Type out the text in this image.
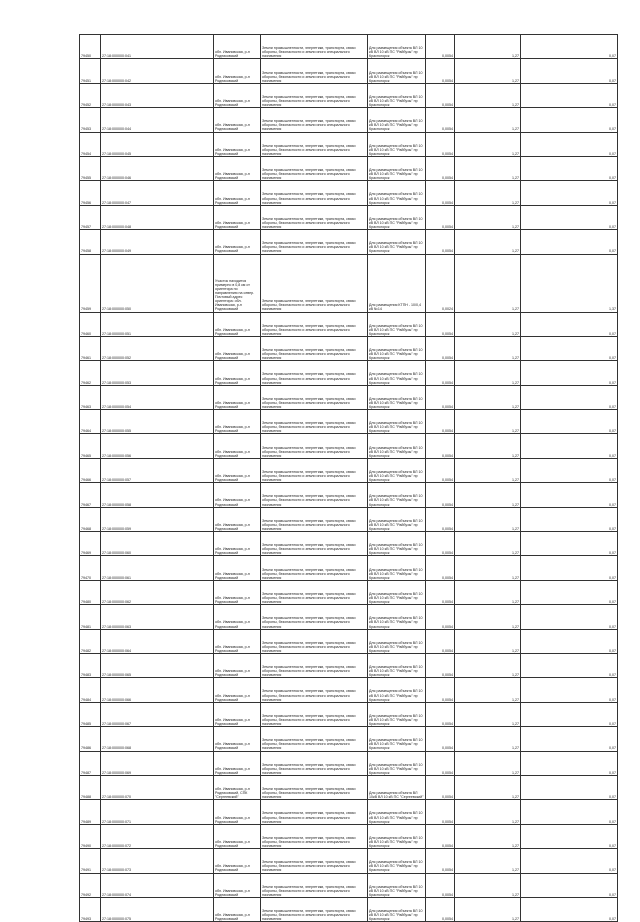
79450	27:18:000000:041	обл. Ивановская, р-н Родниковский	Земли промышленности, энергетики, транспорта, связи обороны, безопасности и земли иного специального назначения	Для размещения объекта ВЛ 10 кВ ВЛ 10 кВ ПС "Райбузы" пр Красногорск	0,0054	1,27	0,07
79451	27:18:000000:042	обл. Ивановская, р-н Родниковский	Земли промышленности, энергетики, транспорта, связи обороны, безопасности и земли иного специального назначения	Для размещения объекта ВЛ 10 кВ ВЛ 10 кВ ПС "Райбузы" пр Красногорск	0,0054	1,27	0,07
79452	27:18:000000:043	обл. Ивановская, р-н Родниковский	Земли промышленности, энергетики, транспорта, связи обороны, безопасности и земли иного специального назначения	Для размещения объекта ВЛ 10 кВ ВЛ 10 кВ ПС "Райбузы" пр Красногорск	0,0054	1,27	0,07
79453	27:18:000000:044	обл. Ивановская, р-н Родниковский	Земли промышленности, энергетики, транспорта, связи обороны, безопасности и земли иного специального назначения	Для размещения объекта ВЛ 10 кВ ВЛ 10 кВ ПС "Райбузы" пр Красногорск	0,0054	1,27	0,07
79454	27:18:000000:045	обл. Ивановская, р-н Родниковский	Земли промышленности, энергетики, транспорта, связи обороны, безопасности и земли иного специального назначения	Для размещения объекта ВЛ 10 кВ ВЛ 10 кВ ПС "Райбузы" пр Красногорск	0,0054	1,27	0,07
79455	27:18:000000:046	обл. Ивановская, р-н Родниковский	Земли промышленности, энергетики, транспорта, связи обороны, безопасности и земли иного специального назначения	Для размещения объекта ВЛ 10 кВ ВЛ 10 кВ ПС "Райбузы" пр Красногорск	0,0054	1,27	0,07
79456	27:18:000000:047	обл. Ивановская, р-н Родниковский	Земли промышленности, энергетики, транспорта, связи обороны, безопасности и земли иного специального назначения	Для размещения объекта ВЛ 10 кВ ВЛ 10 кВ ПС "Райбузы" пр Красногорск	0,0054	1,27	0,07
79457	27:18:000000:048	обл. Ивановская, р-н Родниковский	Земли промышленности, энергетики, транспорта, связи обороны, безопасности и земли иного специального назначения	Для размещения объекта ВЛ 10 кВ ВЛ 10 кВ ПС "Райбузы" пр Красногорск	0,0054	1,27	0,07
79458	27:18:000000:049	обл. Ивановская, р-н Родниковский	Земли промышленности, энергетики, транспорта, связи обороны, безопасности и земли иного специального назначения	Для размещения объекта ВЛ 10 кВ ВЛ 10 кВ ПС "Райбузы" пр Красногорск	0,0054	1,27	0,07
79459	27:18:000000:050	Участок находится примерно в 0,8 км от ориентира по направлению на север. Почтовый адрес ориентира: обл. Ивановская, р-н Родниковский	Земли промышленности, энергетики, транспорта, связи обороны, безопасности и земли иного специального назначения	Для размещения КТПН - 10/0,4 кВ №14	0,0024	1,27	1,37
79460	27:18:000000:051	обл. Ивановская, р-н Родниковский	Земли промышленности, энергетики, транспорта, связи обороны, безопасности и земли иного специального назначения	Для размещения объекта ВЛ 10 кВ ВЛ 10 кВ ПС "Райбузы" пр Красногорск	0,0054	1,27	0,07
79461	27:18:000000:052	обл. Ивановская, р-н Родниковский	Земли промышленности, энергетики, транспорта, связи обороны, безопасности и земли иного специального назначения	Для размещения объекта ВЛ 10 кВ ВЛ 10 кВ ПС "Райбузы" пр Красногорск	0,0054	1,27	0,07
79462	27:18:000000:053	обл. Ивановская, р-н Родниковский	Земли промышленности, энергетики, транспорта, связи обороны, безопасности и земли иного специального назначения	Для размещения объекта ВЛ 10 кВ ВЛ 10 кВ ПС "Райбузы" пр Красногорск	0,0054	1,27	0,07
79463	27:18:000000:054	обл. Ивановская, р-н Родниковский	Земли промышленности, энергетики, транспорта, связи обороны, безопасности и земли иного специального назначения	Для размещения объекта ВЛ 10 кВ ВЛ 10 кВ ПС "Райбузы" пр Красногорск	0,0054	1,27	0,07
79464	27:18:000000:055	обл. Ивановская, р-н Родниковский	Земли промышленности, энергетики, транспорта, связи обороны, безопасности и земли иного специального назначения	Для размещения объекта ВЛ 10 кВ ВЛ 10 кВ ПС "Райбузы" пр Красногорск	0,0054	1,27	0,07
79465	27:18:000000:056	обл. Ивановская, р-н Родниковский	Земли промышленности, энергетики, транспорта, связи обороны, безопасности и земли иного специального назначения	Для размещения объекта ВЛ 10 кВ ВЛ 10 кВ ПС "Райбузы" пр Красногорск	0,0054	1,27	0,07
79466	27:18:000000:057	обл. Ивановская, р-н Родниковский	Земли промышленности, энергетики, транспорта, связи обороны, безопасности и земли иного специального назначения	Для размещения объекта ВЛ 10 кВ ВЛ 10 кВ ПС "Райбузы" пр Красногорск	0,0054	1,27	0,07
79467	27:18:000000:058	обл. Ивановская, р-н Родниковский	Земли промышленности, энергетики, транспорта, связи обороны, безопасности и земли иного специального назначения	Для размещения объекта ВЛ 10 кВ ВЛ 10 кВ ПС "Райбузы" пр Красногорск	0,0054	1,27	0,07
79468	27:18:000000:059	обл. Ивановская, р-н Родниковский	Земли промышленности, энергетики, транспорта, связи обороны, безопасности и земли иного специального назначения	Для размещения объекта ВЛ 10 кВ ВЛ 10 кВ ПС "Райбузы" пр Красногорск	0,0054	1,27	0,07
79469	27:18:000000:060	обл. Ивановская, р-н Родниковский	Земли промышленности, энергетики, транспорта, связи обороны, безопасности и земли иного специального назначения	Для размещения объекта ВЛ 10 кВ ВЛ 10 кВ ПС "Райбузы" пр Красногорск	0,0054	1,27	0,07
79470	27:18:000000:061	обл. Ивановская, р-н Родниковский	Земли промышленности, энергетики, транспорта, связи обороны, безопасности и земли иного специального назначения	Для размещения объекта ВЛ 10 кВ ВЛ 10 кВ ПС "Райбузы" пр Красногорск	0,0054	1,27	0,07
79480	27:18:000000:062	обл. Ивановская, р-н Родниковский	Земли промышленности, энергетики, транспорта, связи обороны, безопасности и земли иного специального назначения	Для размещения объекта ВЛ 10 кВ ВЛ 10 кВ ПС "Райбузы" пр Красногорск	0,0054	1,27	0,07
79481	27:18:000000:063	обл. Ивановская, р-н Родниковский	Земли промышленности, энергетики, транспорта, связи обороны, безопасности и земли иного специального назначения	Для размещения объекта ВЛ 10 кВ ВЛ 10 кВ ПС "Райбузы" пр Красногорск	0,0054	1,27	0,07
79482	27:18:000000:064	обл. Ивановская, р-н Родниковский	Земли промышленности, энергетики, транспорта, связи обороны, безопасности и земли иного специального назначения	Для размещения объекта ВЛ 10 кВ ВЛ 10 кВ ПС "Райбузы" пр Красногорск	0,0054	1,27	0,07
79483	27:18:000000:065	обл. Ивановская, р-н Родниковский	Земли промышленности, энергетики, транспорта, связи обороны, безопасности и земли иного специального назначения	Для размещения объекта ВЛ 10 кВ ВЛ 10 кВ ПС "Райбузы" пр Красногорск	0,0054	1,27	0,07
79484	27:18:000000:066	обл. Ивановская, р-н Родниковский	Земли промышленности, энергетики, транспорта, связи обороны, безопасности и земли иного специального назначения	Для размещения объекта ВЛ 10 кВ ВЛ 10 кВ ПС "Райбузы" пр Красногорск	0,0054	1,27	0,07
79485	27:18:000000:067	обл. Ивановская, р-н Родниковский	Земли промышленности, энергетики, транспорта, связи обороны, безопасности и земли иного специального назначения	Для размещения объекта ВЛ 10 кВ ВЛ 10 кВ ПС "Райбузы" пр Красногорск	0,0054	1,27	0,07
79486	27:18:000000:068	обл. Ивановская, р-н Родниковский	Земли промышленности, энергетики, транспорта, связи обороны, безопасности и земли иного специального назначения	Для размещения объекта ВЛ 10 кВ ВЛ 10 кВ ПС "Райбузы" пр Красногорск	0,0054	1,27	0,07
79487	27:18:000000:069	обл. Ивановская, р-н Родниковский	Земли промышленности, энергетики, транспорта, связи обороны, безопасности и земли иного специального назначения	Для размещения объекта ВЛ 10 кВ ВЛ 10 кВ ПС "Райбузы" пр Красногорск	0,0054	1,27	0,07
79488	27:18:000000:070	обл. Ивановская, р-н Родниковский, СПК "Сергеевский"	Земли промышленности, энергетики, транспорта, связи обороны, безопасности и земли иного специального назначения	Для размещения объекта ВЛ 10кВ ВЛ 10 кВ ПС "Сергеевский"	0,0054	1,27	0,07
79489	27:18:000000:071	обл. Ивановская, р-н Родниковский	Земли промышленности, энергетики, транспорта, связи обороны, безопасности и земли иного специального назначения	Для размещения объекта ВЛ 10 кВ ВЛ 10 кВ ПС "Райбузы" пр Красногорск	0,0054	1,27	0,07
79490	27:18:000000:072	обл. Ивановская, р-н Родниковский	Земли промышленности, энергетики, транспорта, связи обороны, безопасности и земли иного специального назначения	Для размещения объекта ВЛ 10 кВ ВЛ 10 кВ ПС "Райбузы" пр Красногорск	0,0054	1,27	0,07
79491	27:18:000000:073	обл. Ивановская, р-н Родниковский	Земли промышленности, энергетики, транспорта, связи обороны, безопасности и земли иного специального назначения	Для размещения объекта ВЛ 10 кВ ВЛ 10 кВ ПС "Райбузы" пр Красногорск	0,0054	1,27	0,07
79492	27:18:000000:074	обл. Ивановская, р-н Родниковский	Земли промышленности, энергетики, транспорта, связи обороны, безопасности и земли иного специального назначения	Для размещения объекта ВЛ 10 кВ ВЛ 10 кВ ПС "Райбузы" пр Красногорск	0,0054	1,27	0,07
79493	27:18:000000:075	обл. Ивановская, р-н Родниковский	Земли промышленности, энергетики, транспорта, связи обороны, безопасности и земли иного специального назначения	Для размещения объекта ВЛ 10 кВ ВЛ 10 кВ ПС "Райбузы" пр Красногорск	0,0054	1,27	0,07
